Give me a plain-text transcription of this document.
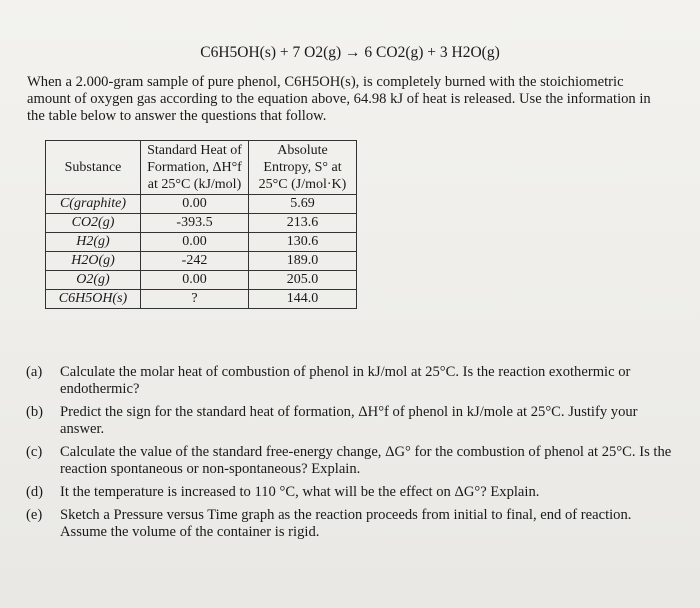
C6H5OH(s) + 7 O2(g) → 6 CO2(g) + 3 H2O(g)
When a 2.000-gram sample of pure phenol, C6H5OH(s), is completely burned with the stoichiometric amount of oxygen gas according to the equation above, 64.98 kJ of heat is released. Use the information in the table below to answer the questions that follow.
Substance	Standard Heat of Formation, ΔH°f at 25°C (kJ/mol)	Absolute Entropy, S° at 25°C (J/mol·K)
C(graphite)	0.00	5.69
CO2(g)	-393.5	213.6
H2(g)	0.00	130.6
H2O(g)	-242	189.0
O2(g)	0.00	205.0
C6H5OH(s)	?	144.0
(a)	Calculate the molar heat of combustion of phenol in kJ/mol at 25°C. Is the reaction exothermic or endothermic?
(b)	Predict the sign for the standard heat of formation, ΔH°f of phenol in kJ/mole at 25°C. Justify your answer.
(c)	Calculate the value of the standard free-energy change, ΔG° for the combustion of phenol at 25°C. Is the reaction spontaneous or non-spontaneous? Explain.
(d)	It the temperature is increased to 110 °C, what will be the effect on ΔG°? Explain.
(e)	Sketch a Pressure versus Time graph as the reaction proceeds from initial to final, end of reaction. Assume the volume of the container is rigid.
